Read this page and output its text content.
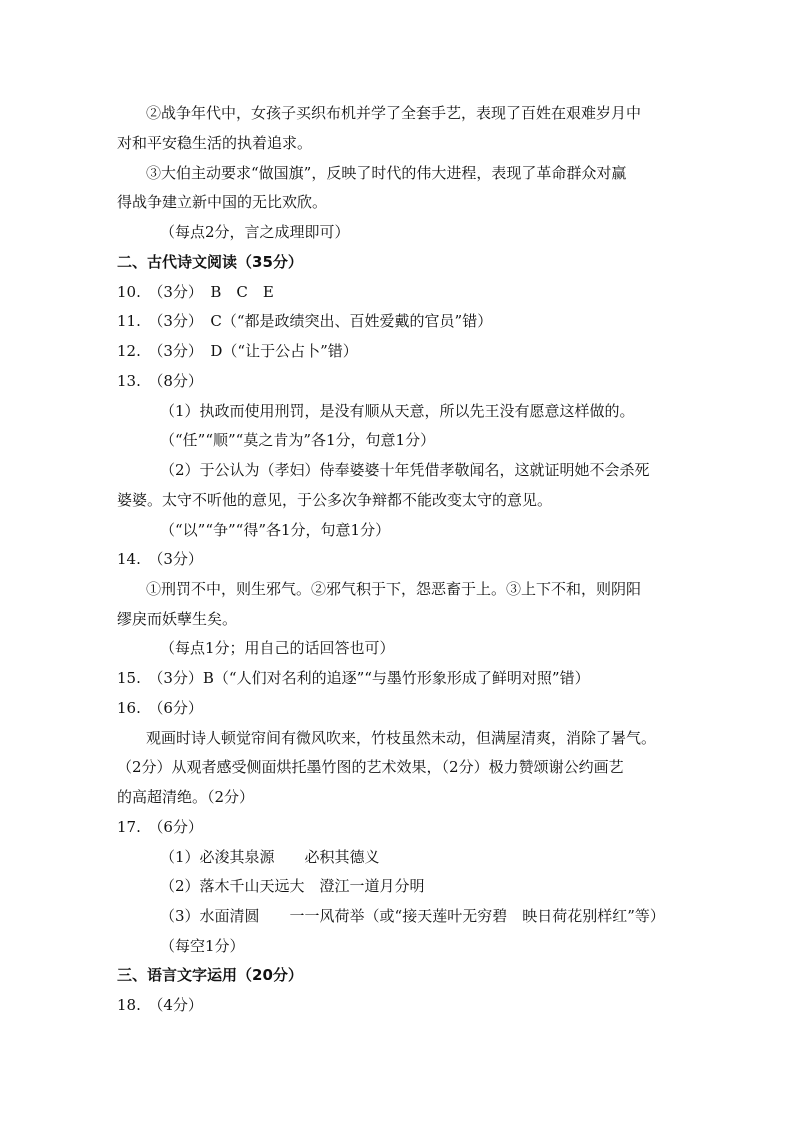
②战争年代中，女孩子买织布机并学了全套手艺，表现了百姓在艰难岁月中
对和平安稳生活的执着追求。
③大伯主动要求“做国旗”，反映了时代的伟大进程，表现了革命群众对赢
得战争建立新中国的无比欢欣。
（每点2分，言之成理即可）
二、古代诗文阅读（35分）
10.　（3分）　B　C　E
11.　（3分）　C（“都是政绩突出、百姓爱戴的官员”错）
12.　（3分）　D（“让于公占卜”错）
13.　（8分）
（1）执政而使用刑罚，是没有顺从天意，所以先王没有愿意这样做的。
（“任”“顺”“莫之肯为”各1分，句意1分）
（2）于公认为（孝妇）侍奉婆婆十年凭借孝敬闻名，这就证明她不会杀死
婆婆。太守不听他的意见，于公多次争辩都不能改变太守的意见。
（“以”“争”“得”各1分，句意1分）
14.　（3分）
①刑罚不中，则生邪气。②邪气积于下，怨恶畜于上。③上下不和，则阴阳
缪戾而妖孽生矣。
（每点1分；用自己的话回答也可）
15.　（3分）B（“人们对名利的追逐”“与墨竹形象形成了鲜明对照”错）
16.　（6分）
观画时诗人顿觉帘间有微风吹来，竹枝虽然未动，但满屋清爽，消除了暑气。
（2分）从观者感受侧面烘托墨竹图的艺术效果，（2分）极力赞颂谢公约画艺
的高超清绝。（2分）
17.　（6分）
（1）必浚其泉源　　必积其德义
（2）落木千山天远大　澄江一道月分明
（3）水面清圆　　一一风荷举（或“接天莲叶无穷碧　映日荷花别样红”等）
（每空1分）
三、语言文字运用（20分）
18.　（4分）
